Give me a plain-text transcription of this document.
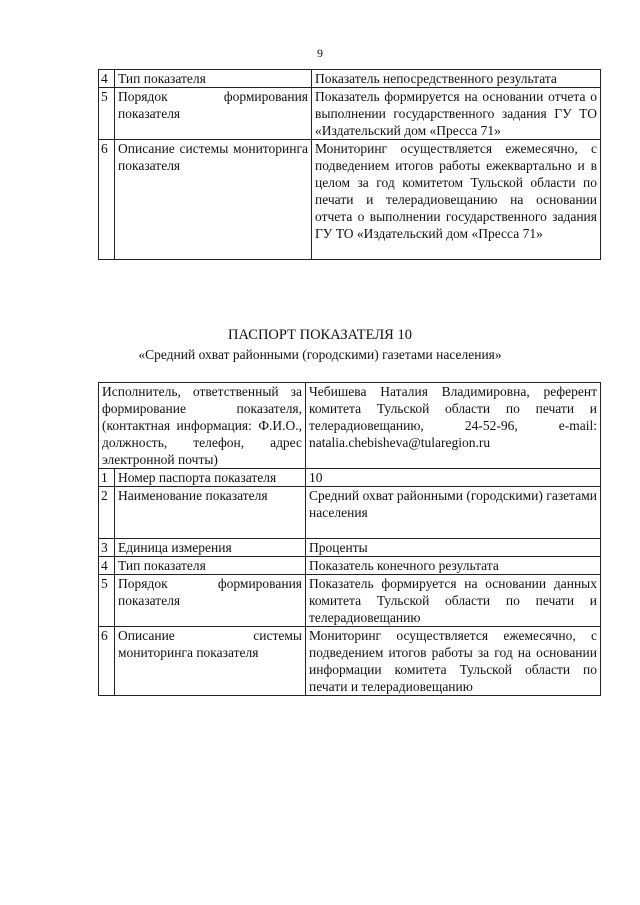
9
4	Тип показателя	Показатель непосредственного результата
5	Порядок формирования показателя	Показатель формируется на основании отчета о выполнении государственного задания ГУ ТО «Издательский дом «Пресса 71»
6	Описание системы мониторинга показателя	Мониторинг осуществляется ежемесячно, с подведением итогов работы ежеквартально и в целом за год комитетом Тульской области по печати и телерадиовещанию на основании отчета о выполнении государственного задания ГУ ТО «Издательский дом «Пресса 71»
ПАСПОРТ ПОКАЗАТЕЛЯ 10
«Средний охват районными (городскими) газетами населения»
Исполнитель, ответственный за формирование показателя, (контактная информация: Ф.И.О., должность, телефон, адрес электронной почты)		Чебишева Наталия Владимировна, референт комитета Тульской области по печати и телерадиовещанию, 24-52-96, e-mail: natalia.chebisheva@tularegion.ru
1	Номер паспорта показателя	10
2	Наименование показателя	Средний охват районными (городскими) газетами населения
3	Единица измерения	Проценты
4	Тип показателя	Показатель конечного результата
5	Порядок формирования показателя	Показатель формируется на основании данных комитета Тульской области по печати и телерадиовещанию
6	Описание системы мониторинга показателя	Мониторинг осуществляется ежемесячно, с подведением итогов работы за год на основании информации комитета Тульской области по печати и телерадиовещанию
